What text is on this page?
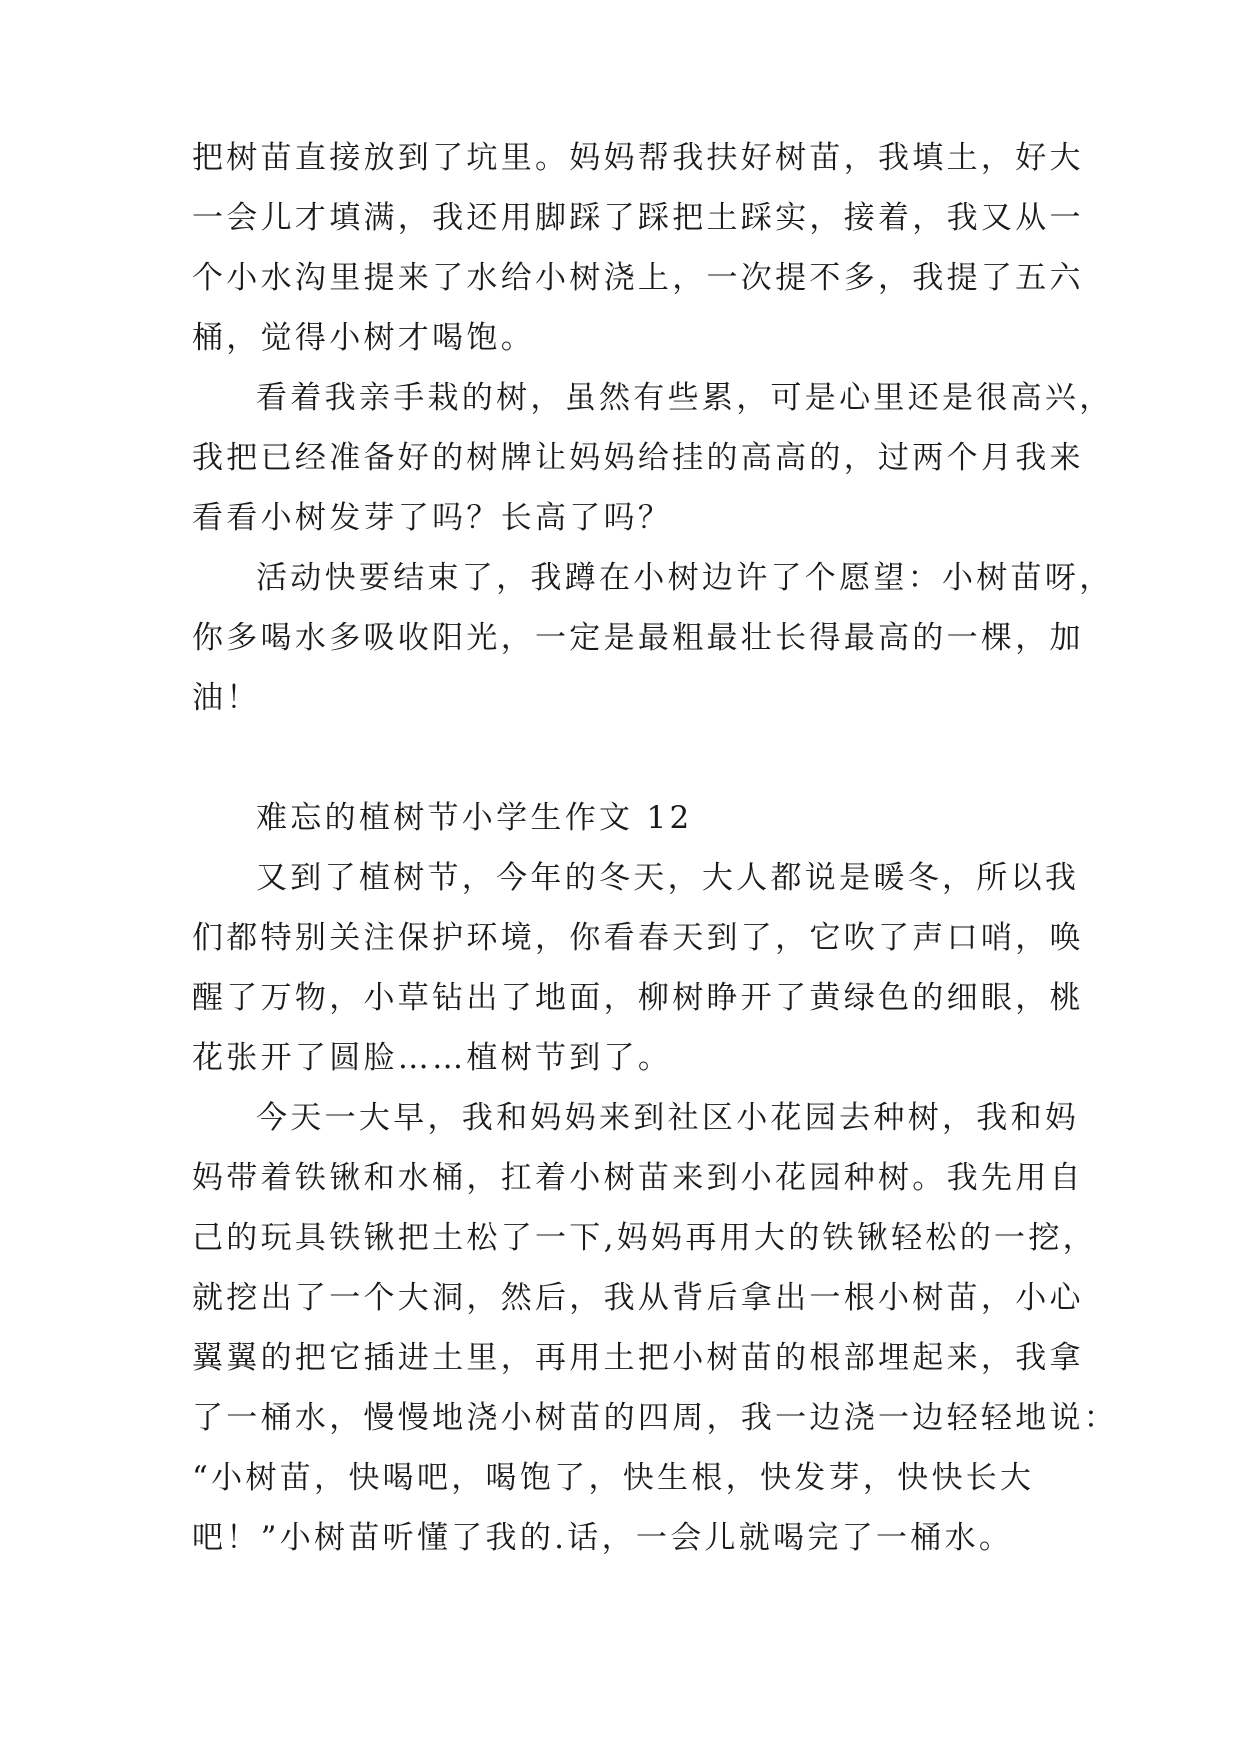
把树苗直接放到了坑里。妈妈帮我扶好树苗，我填土，好大
一会儿才填满，我还用脚踩了踩把土踩实，接着，我又从一
个小水沟里提来了水给小树浇上，一次提不多，我提了五六
桶，觉得小树才喝饱。
看着我亲手栽的树，虽然有些累，可是心里还是很高兴，
我把已经准备好的树牌让妈妈给挂的高高的，过两个月我来
看看小树发芽了吗？长高了吗？
活动快要结束了，我蹲在小树边许了个愿望：小树苗呀，
你多喝水多吸收阳光，一定是最粗最壮长得最高的一棵，加
油！
难忘的植树节小学生作文 12
又到了植树节，今年的冬天，大人都说是暖冬，所以我
们都特别关注保护环境，你看春天到了，它吹了声口哨，唤
醒了万物，小草钻出了地面，柳树睁开了黄绿色的细眼，桃
花张开了圆脸……植树节到了。
今天一大早，我和妈妈来到社区小花园去种树，我和妈
妈带着铁锹和水桶，扛着小树苗来到小花园种树。我先用自
己的玩具铁锹把土松了一下,妈妈再用大的铁锹轻松的一挖，
就挖出了一个大洞，然后，我从背后拿出一根小树苗，小心
翼翼的把它插进土里，再用土把小树苗的根部埋起来，我拿
了一桶水，慢慢地浇小树苗的四周，我一边浇一边轻轻地说：
“小树苗，快喝吧，喝饱了，快生根，快发芽，快快长大
吧！”小树苗听懂了我的.话，一会儿就喝完了一桶水。
